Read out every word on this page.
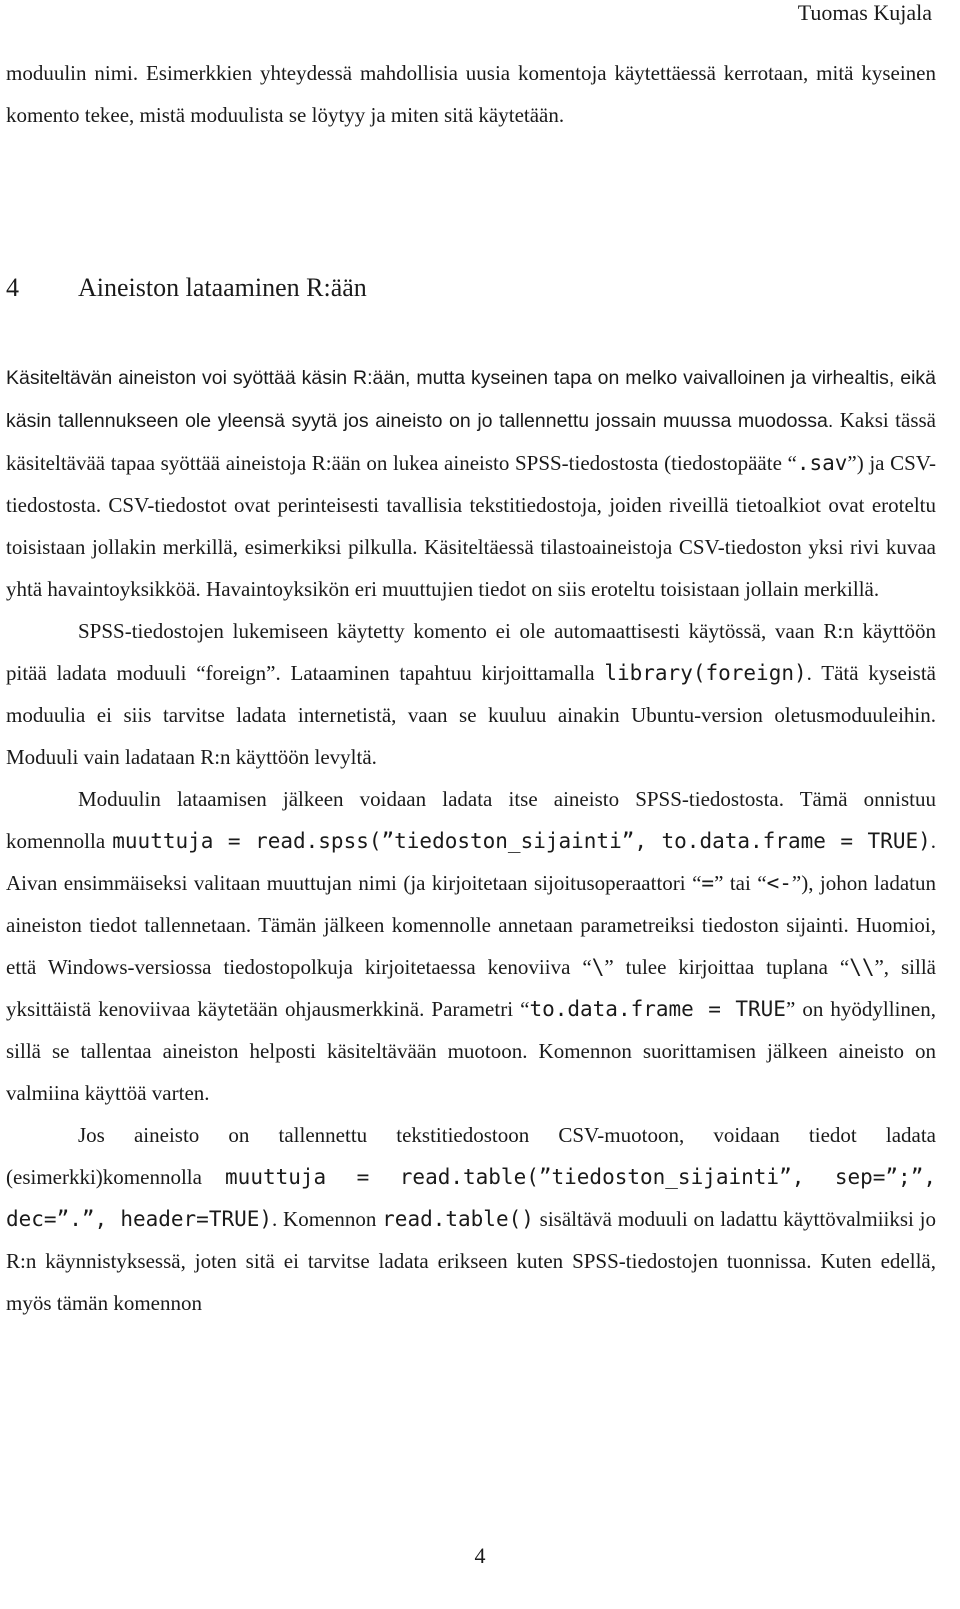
Tuomas Kujala

moduulin nimi. Esimerkkien yhteydessä mahdollisia uusia komentoja käytettäessä kerrotaan, mitä kyseinen komento tekee, mistä moduulista se löytyy ja miten sitä käytetään.

4 Aineiston lataaminen R:ään

Käsiteltävän aineiston voi syöttää käsin R:ään, mutta kyseinen tapa on melko vaivalloinen ja virhealtis, eikä käsin tallennukseen ole yleensä syytä jos aineisto on jo tallennettu jossain muussa muodossa. Kaksi tässä käsiteltävää tapaa syöttää aineistoja R:ään on lukea aineisto SPSS-tiedostosta (tiedostopääte “.sav”) ja CSV-tiedostosta. CSV-tiedostot ovat perinteisesti tavallisia tekstitiedostoja, joiden riveillä tietoalkiot ovat eroteltu toisistaan jollakin merkillä, esimerkiksi pilkulla. Käsiteltäessä tilastoaineistoja CSV-tiedoston yksi rivi kuvaa yhtä havaintoyksikköä. Havaintoyksikön eri muuttujien tiedot on siis eroteltu toisistaan jollain merkillä.

SPSS-tiedostojen lukemiseen käytetty komento ei ole automaattisesti käytössä, vaan R:n käyttöön pitää ladata moduuli “foreign”. Lataaminen tapahtuu kirjoittamalla library(foreign). Tätä kyseistä moduulia ei siis tarvitse ladata internetistä, vaan se kuuluu ainakin Ubuntu-version oletusmoduuleihin. Moduuli vain ladataan R:n käyttöön levyltä.

Moduulin lataamisen jälkeen voidaan ladata itse aineisto SPSS-tiedostosta. Tämä onnistuu komennolla muuttuja = read.spss(”tiedoston_sijainti”, to.data.frame = TRUE). Aivan ensimmäiseksi valitaan muuttujan nimi (ja kirjoitetaan sijoitusoperaattori “=” tai “<-”), johon ladatun aineiston tiedot tallennetaan. Tämän jälkeen komennolle annetaan parametreiksi tiedoston sijainti. Huomioi, että Windows-versiossa tiedostopolkuja kirjoitetaessa kenoviiva “\” tulee kirjoittaa tuplana “\\”, sillä yksittäistä kenoviivaa käytetään ohjausmerkkinä. Parametri “to.data.frame = TRUE” on hyödyllinen, sillä se tallentaa aineiston helposti käsiteltävään muotoon. Komennon suorittamisen jälkeen aineisto on valmiina käyttöä varten.

Jos aineisto on tallennettu tekstitiedostoon CSV-muotoon, voidaan tiedot ladata (esimerkki)komennolla muuttuja = read.table(”tiedoston_sijainti”, sep=”;”, dec=”.”, header=TRUE). Komennon read.table() sisältävä moduuli on ladattu käyttövalmiiksi jo R:n käynnistyksessä, joten sitä ei tarvitse ladata erikseen kuten SPSS-tiedostojen tuonnissa. Kuten edellä, myös tämän komennon

4
